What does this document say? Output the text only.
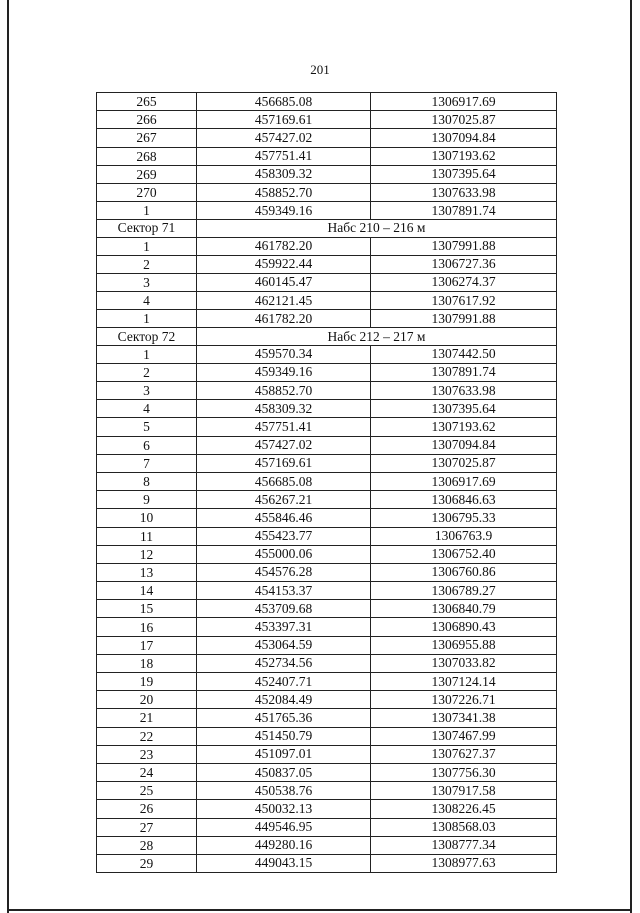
201
265	456685.08	1306917.69
266	457169.61	1307025.87
267	457427.02	1307094.84
268	457751.41	1307193.62
269	458309.32	1307395.64
270	458852.70	1307633.98
1	459349.16	1307891.74
Сектор 71	Набс 210 – 216 м	
1	461782.20	1307991.88
2	459922.44	1306727.36
3	460145.47	1306274.37
4	462121.45	1307617.92
1	461782.20	1307991.88
Сектор 72	Набс 212 – 217 м	
1	459570.34	1307442.50
2	459349.16	1307891.74
3	458852.70	1307633.98
4	458309.32	1307395.64
5	457751.41	1307193.62
6	457427.02	1307094.84
7	457169.61	1307025.87
8	456685.08	1306917.69
9	456267.21	1306846.63
10	455846.46	1306795.33
11	455423.77	1306763.9
12	455000.06	1306752.40
13	454576.28	1306760.86
14	454153.37	1306789.27
15	453709.68	1306840.79
16	453397.31	1306890.43
17	453064.59	1306955.88
18	452734.56	1307033.82
19	452407.71	1307124.14
20	452084.49	1307226.71
21	451765.36	1307341.38
22	451450.79	1307467.99
23	451097.01	1307627.37
24	450837.05	1307756.30
25	450538.76	1307917.58
26	450032.13	1308226.45
27	449546.95	1308568.03
28	449280.16	1308777.34
29	449043.15	1308977.63
